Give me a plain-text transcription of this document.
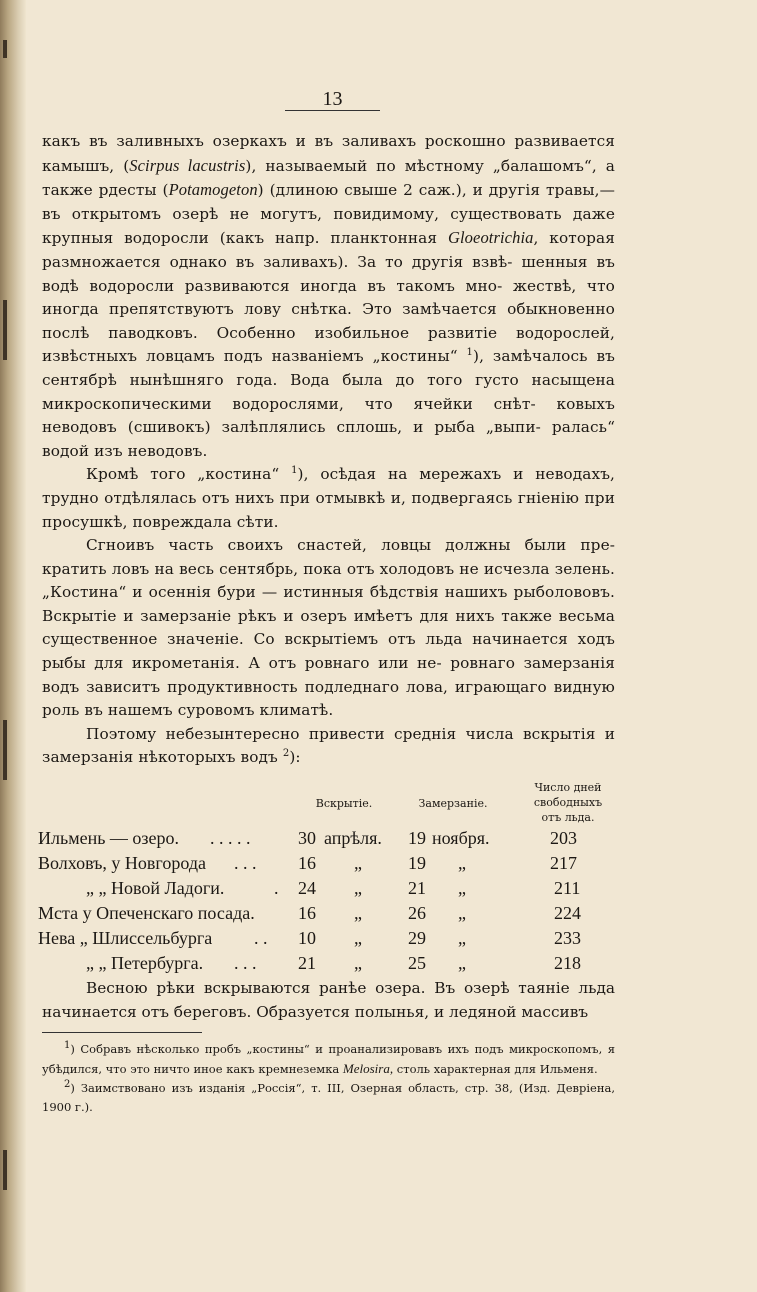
13

какъ въ заливныхъ озеркахъ и въ заливахъ роскошно развивается камышъ, (Scirpus lacustris), называемый по мѣстному „балашомъ“, а также рдесты (Potamogeton) (длиною свыше 2 саж.), и другія травы,—въ открытомъ озерѣ не могутъ, повидимому, существовать даже крупныя водоросли (какъ напр. планктонная Gloeotrichia, которая размножается однако въ заливахъ). За то другія взвѣ- шенныя въ водѣ водоросли развиваются иногда въ такомъ мно- жествѣ, что иногда препятствуютъ лову снѣтка. Это замѣчается обыкновенно послѣ паводковъ. Особенно изобильное развитіе водорослей, извѣстныхъ ловцамъ подъ названіемъ „костины“ $^1$), замѣчалось въ сентябрѣ нынѣшняго года. Вода была до того густо насыщена микроскопическими водорослями, что ячейки снѣт- ковыхъ неводовъ (сшивокъ) залѣплялись сплошь, и рыба „выпи- ралась“ водой изъ неводовъ.

Кромѣ того „костина“ $^1$), осѣдая на мережахъ и неводахъ, трудно отдѣлялась отъ нихъ при отмывкѣ и, подвергаясь гніенію при просушкѣ, повреждала сѣти.

Сгноивъ часть своихъ снастей, ловцы должны были пре- кратить ловъ на весь сентябрь, пока отъ холодовъ не исчезла зелень. „Костина“ и осеннія бури — истинныя бѣдствія нашихъ рыболововъ. Вскрытіе и замерзаніе рѣкъ и озеръ имѣетъ для нихъ также весьма существенное значеніе. Со вскрытіемъ отъ льда начинается ходъ рыбы для икрометанія. А отъ ровнаго или не- ровнаго замерзанія водъ зависитъ продуктивность подледнаго лова, играющаго видную роль въ нашемъ суровомъ климатѣ.

Поэтому небезынтересно привести среднія числа вскрытія и замерзанія нѣкоторыхъ водъ $^2$):

Вскрытіе.	Замерзаніе.
Число дней
свободныхъ
отъ льда.
Ильмень — озеро. . . . . .	30 апрѣля. 19 ноября.	203
Волховъ, у Новгорода . . . 16 „	19 „	217
„ „ Новой Ладоги.	. 24 „	21 „	211
Мста у Опеченскаго посада. 16 „	26 „	224
Нева „ Шлиссельбурга . . 10 „	29 „	233
„ „ Петербурга. . . . 21 „	25 „	218

Весною рѣки вскрываются ранѣе озера. Въ озерѣ таяніе льда начинается отъ береговъ. Образуется полынья, и ледяной массивъ

$^1$) Собравъ нѣсколько пробъ „костины“ и проанализировавъ ихъ подъ микроскопомъ, я убѣдился, что это ничто иное какъ кремнеземка Melosira, столь характерная для Ильменя.

$^2$) Заимствовано изъ изданія „Россія“, т. III, Озерная область, стр. 38, (Изд. Девріена, 1900 г.).
